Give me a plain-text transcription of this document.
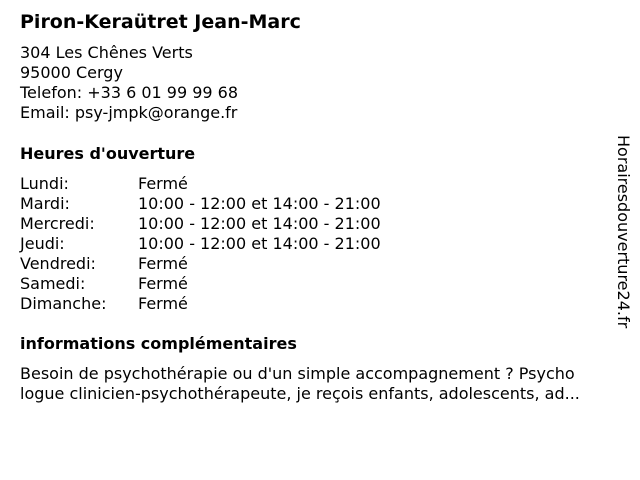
Piron-Keraütret Jean-Marc
304 Les Chênes Verts
95000 Cergy
Telefon: +33 6 01 99 99 68
Email: psy-jmpk@orange.fr
Heures d'ouverture
Lundi:	Fermé
Mardi:	10:00 - 12:00 et 14:00 - 21:00
Mercredi:	10:00 - 12:00 et 14:00 - 21:00
Jeudi:	10:00 - 12:00 et 14:00 - 21:00
Vendredi:	Fermé
Samedi:	Fermé
Dimanche: Fermé
informations complémentaires
Besoin de psychothérapie ou d'un simple accompagnement ? Psycho
logue clinicien-psychothérapeute, je reçois enfants, adolescents, ad...
Horairesdouverture24.fr
